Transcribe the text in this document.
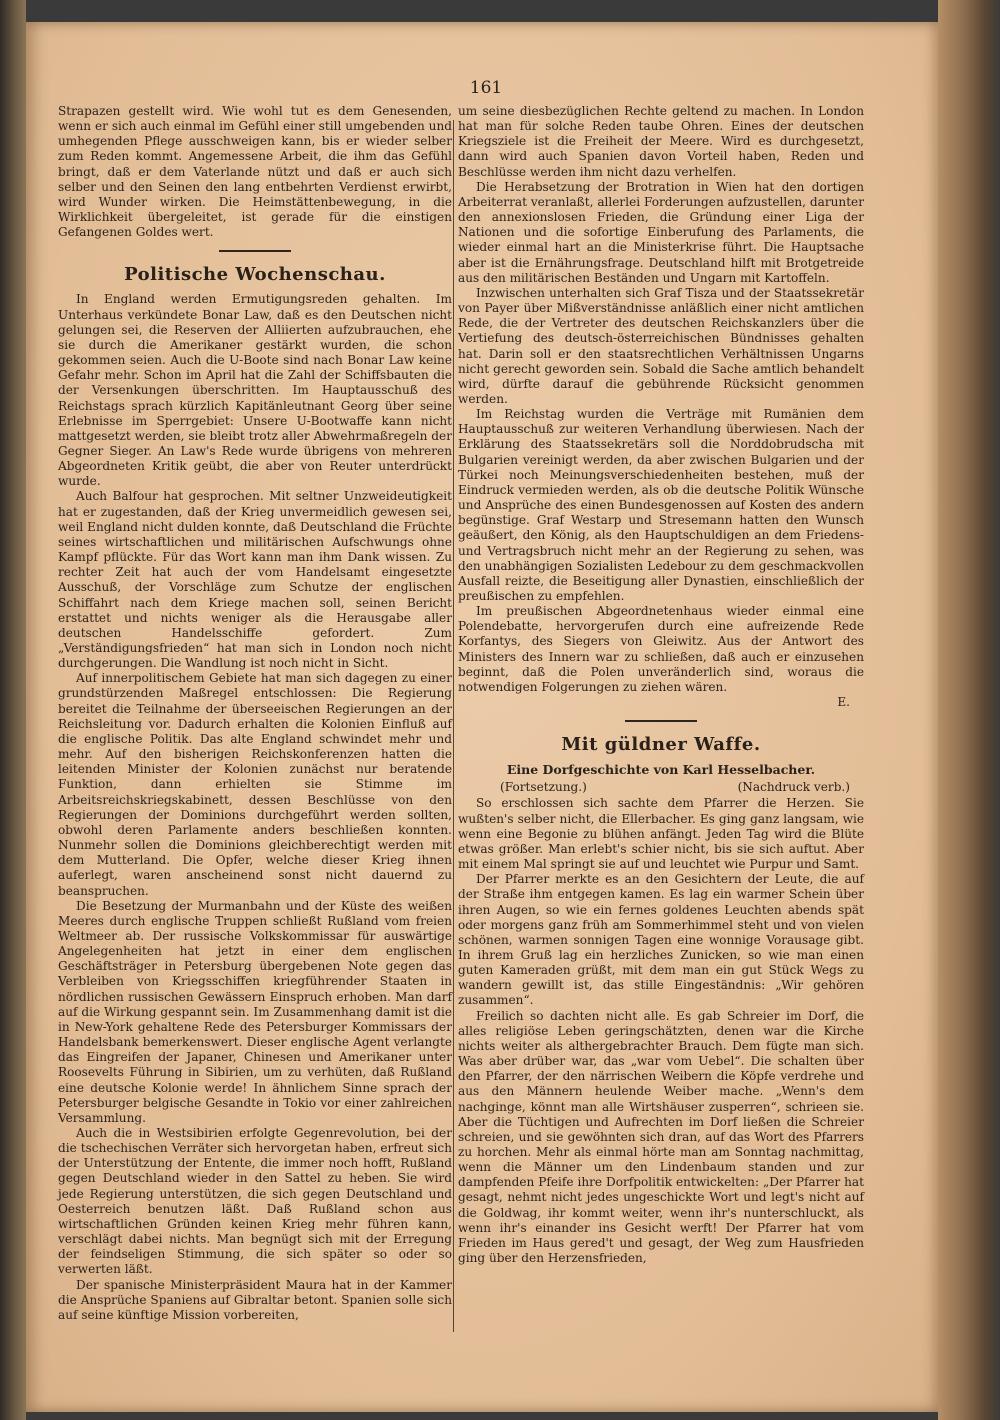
161

Strapazen gestellt wird. Wie wohl tut es dem Genesenden, wenn er sich auch einmal im Gefühl einer still umgebenden und umhegenden Pflege ausschweigen kann, bis er wieder selber zum Reden kommt. Angemessene Arbeit, die ihm das Gefühl bringt, daß er dem Vaterlande nützt und daß er auch sich selber und den Seinen den lang entbehrten Verdienst erwirbt, wird Wunder wirken. Die Heimstättenbewegung, in die Wirklichkeit übergeleitet, ist gerade für die einstigen Gefangenen Goldes wert.

Politische Wochenschau.

In England werden Ermutigungsreden gehalten. Im Unterhaus verkündete Bonar Law, daß es den Deutschen nicht gelungen sei, die Reserven der Alliierten aufzubrauchen, ehe sie durch die Amerikaner gestärkt wurden, die schon gekommen seien. Auch die U-Boote sind nach Bonar Law keine Gefahr mehr. Schon im April hat die Zahl der Schiffsbauten die der Versenkungen überschritten. Im Hauptausschuß des Reichstags sprach kürzlich Kapitänleutnant Georg über seine Erlebnisse im Sperrgebiet: Unsere U-Bootwaffe kann nicht mattgesetzt werden, sie bleibt trotz aller Abwehrmaßregeln der Gegner Sieger. An Law's Rede wurde übrigens von mehreren Abgeordneten Kritik geübt, die aber von Reuter unterdrückt wurde.

Auch Balfour hat gesprochen. Mit seltner Unzweideutigkeit hat er zugestanden, daß der Krieg unvermeidlich gewesen sei, weil England nicht dulden konnte, daß Deutschland die Früchte seines wirtschaftlichen und militärischen Aufschwungs ohne Kampf pflückte. Für das Wort kann man ihm Dank wissen. Zu rechter Zeit hat auch der vom Handelsamt eingesetzte Ausschuß, der Vorschläge zum Schutze der englischen Schiffahrt nach dem Kriege machen soll, seinen Bericht erstattet und nichts weniger als die Herausgabe aller deutschen Handelsschiffe gefordert. Zum „Verständigungsfrieden“ hat man sich in London noch nicht durchgerungen. Die Wandlung ist noch nicht in Sicht.

Auf innerpolitischem Gebiete hat man sich dagegen zu einer grundstürzenden Maßregel entschlossen: Die Regierung bereitet die Teilnahme der überseeischen Regierungen an der Reichsleitung vor. Dadurch erhalten die Kolonien Einfluß auf die englische Politik. Das alte England schwindet mehr und mehr. Auf den bisherigen Reichskonferenzen hatten die leitenden Minister der Kolonien zunächst nur beratende Funktion, dann erhielten sie Stimme im Arbeitsreichskriegskabinett, dessen Beschlüsse von den Regierungen der Dominions durchgeführt werden sollten, obwohl deren Parlamente anders beschließen konnten. Nunmehr sollen die Dominions gleichberechtigt werden mit dem Mutterland. Die Opfer, welche dieser Krieg ihnen auferlegt, waren anscheinend sonst nicht dauernd zu beanspruchen.

Die Besetzung der Murmanbahn und der Küste des weißen Meeres durch englische Truppen schließt Rußland vom freien Weltmeer ab. Der russische Volkskommissar für auswärtige Angelegenheiten hat jetzt in einer dem englischen Geschäftsträger in Petersburg übergebenen Note gegen das Verbleiben von Kriegsschiffen kriegführender Staaten in nördlichen russischen Gewässern Einspruch erhoben. Man darf auf die Wirkung gespannt sein. Im Zusammenhang damit ist die in New-York gehaltene Rede des Petersburger Kommissars der Handelsbank bemerkenswert. Dieser englische Agent verlangte das Eingreifen der Japaner, Chinesen und Amerikaner unter Roosevelts Führung in Sibirien, um zu verhüten, daß Rußland eine deutsche Kolonie werde! In ähnlichem Sinne sprach der Petersburger belgische Gesandte in Tokio vor einer zahlreichen Versammlung.

Auch die in Westsibirien erfolgte Gegenrevolution, bei der die tschechischen Verräter sich hervorgetan haben, erfreut sich der Unterstützung der Entente, die immer noch hofft, Rußland gegen Deutschland wieder in den Sattel zu heben. Sie wird jede Regierung unterstützen, die sich gegen Deutschland und Oesterreich benutzen läßt. Daß Rußland schon aus wirtschaftlichen Gründen keinen Krieg mehr führen kann, verschlägt dabei nichts. Man begnügt sich mit der Erregung der feindseligen Stimmung, die sich später so oder so verwerten läßt.

Der spanische Ministerpräsident Maura hat in der Kammer die Ansprüche Spaniens auf Gibraltar betont. Spanien solle sich auf seine künftige Mission vorbereiten,

um seine diesbezüglichen Rechte geltend zu machen. In London hat man für solche Reden taube Ohren. Eines der deutschen Kriegsziele ist die Freiheit der Meere. Wird es durchgesetzt, dann wird auch Spanien davon Vorteil haben, Reden und Beschlüsse werden ihm nicht dazu verhelfen.

Die Herabsetzung der Brotration in Wien hat den dortigen Arbeiterrat veranlaßt, allerlei Forderungen aufzustellen, darunter den annexionslosen Frieden, die Gründung einer Liga der Nationen und die sofortige Einberufung des Parlaments, die wieder einmal hart an die Ministerkrise führt. Die Hauptsache aber ist die Ernährungsfrage. Deutschland hilft mit Brotgetreide aus den militärischen Beständen und Ungarn mit Kartoffeln.

Inzwischen unterhalten sich Graf Tisza und der Staatssekretär von Payer über Mißverständnisse anläßlich einer nicht amtlichen Rede, die der Vertreter des deutschen Reichskanzlers über die Vertiefung des deutsch-österreichischen Bündnisses gehalten hat. Darin soll er den staatsrechtlichen Verhältnissen Ungarns nicht gerecht geworden sein. Sobald die Sache amtlich behandelt wird, dürfte darauf die gebührende Rücksicht genommen werden.

Im Reichstag wurden die Verträge mit Rumänien dem Hauptausschuß zur weiteren Verhandlung überwiesen. Nach der Erklärung des Staatssekretärs soll die Norddobrudscha mit Bulgarien vereinigt werden, da aber zwischen Bulgarien und der Türkei noch Meinungsverschiedenheiten bestehen, muß der Eindruck vermieden werden, als ob die deutsche Politik Wünsche und Ansprüche des einen Bundesgenossen auf Kosten des andern begünstige. Graf Westarp und Stresemann hatten den Wunsch geäußert, den König, als den Hauptschuldigen an dem Friedens- und Vertragsbruch nicht mehr an der Regierung zu sehen, was den unabhängigen Sozialisten Ledebour zu dem geschmackvollen Ausfall reizte, die Beseitigung aller Dynastien, einschließlich der preußischen zu empfehlen.

Im preußischen Abgeordnetenhaus wieder einmal eine Polendebatte, hervorgerufen durch eine aufreizende Rede Korfantys, des Siegers von Gleiwitz. Aus der Antwort des Ministers des Innern war zu schließen, daß auch er einzusehen beginnt, daß die Polen unveränderlich sind, woraus die notwendigen Folgerungen zu ziehen wären.

E.
Mit güldner Waffe.
Eine Dorfgeschichte von Karl Hesselbacher.
(Fortsetzung.)	(Nachdruck verb.)

So erschlossen sich sachte dem Pfarrer die Herzen. Sie wußten's selber nicht, die Ellerbacher. Es ging ganz langsam, wie wenn eine Begonie zu blühen anfängt. Jeden Tag wird die Blüte etwas größer. Man erlebt's schier nicht, bis sie sich auftut. Aber mit einem Mal springt sie auf und leuchtet wie Purpur und Samt.

Der Pfarrer merkte es an den Gesichtern der Leute, die auf der Straße ihm entgegen kamen. Es lag ein warmer Schein über ihren Augen, so wie ein fernes goldenes Leuchten abends spät oder morgens ganz früh am Sommerhimmel steht und von vielen schönen, warmen sonnigen Tagen eine wonnige Vorausage gibt. In ihrem Gruß lag ein herzliches Zunicken, so wie man einen guten Kameraden grüßt, mit dem man ein gut Stück Wegs zu wandern gewillt ist, das stille Eingeständnis: „Wir gehören zusammen“.

Freilich so dachten nicht alle. Es gab Schreier im Dorf, die alles religiöse Leben geringschätzten, denen war die Kirche nichts weiter als althergebrachter Brauch. Dem fügte man sich. Was aber drüber war, das „war vom Uebel“. Die schalten über den Pfarrer, der den närrischen Weibern die Köpfe verdrehe und aus den Männern heulende Weiber mache. „Wenn's dem nachginge, könnt man alle Wirtshäuser zusperren“, schrieen sie. Aber die Tüchtigen und Aufrechten im Dorf ließen die Schreier schreien, und sie gewöhnten sich dran, auf das Wort des Pfarrers zu horchen. Mehr als einmal hörte man am Sonntag nachmittag, wenn die Männer um den Lindenbaum standen und zur dampfenden Pfeife ihre Dorfpolitik entwickelten: „Der Pfarrer hat gesagt, nehmt nicht jedes ungeschickte Wort und legt's nicht auf die Goldwag, ihr kommt weiter, wenn ihr's nunterschluckt, als wenn ihr's einander ins Gesicht werft! Der Pfarrer hat vom Frieden im Haus gered't und gesagt, der Weg zum Hausfrieden ging über den Herzensfrieden,
